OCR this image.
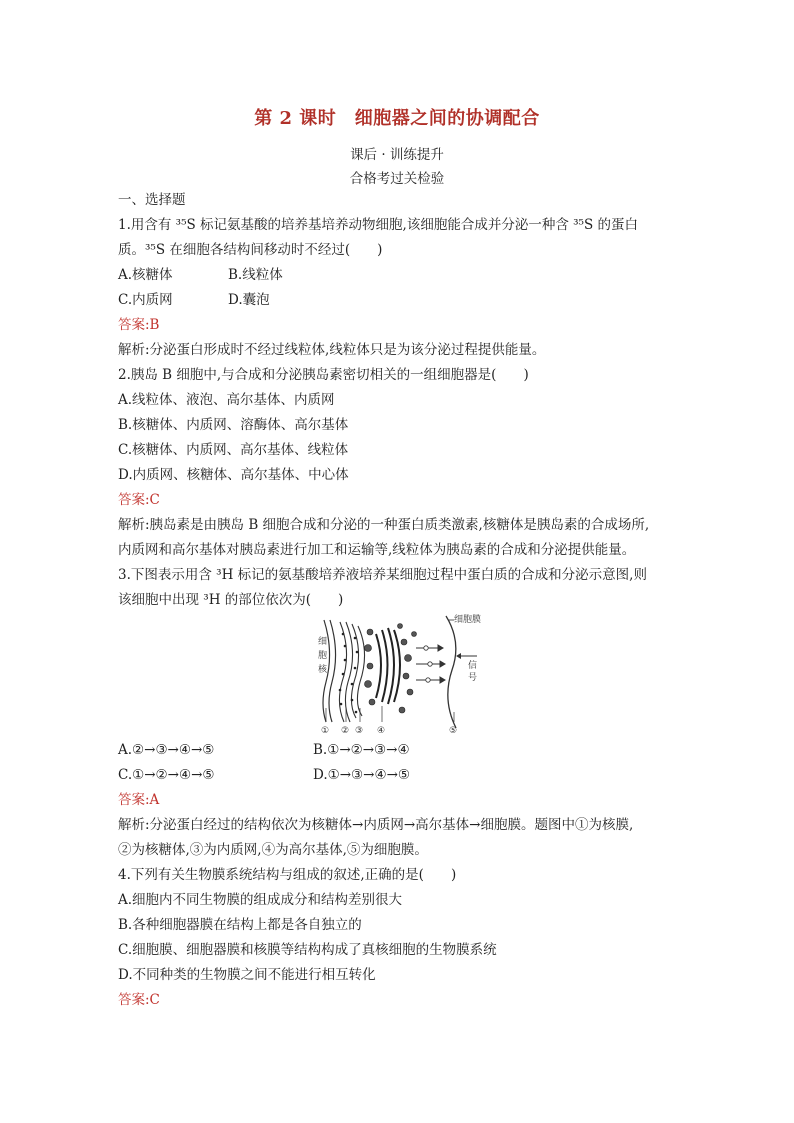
第 2 课时　细胞器之间的协调配合
课后 · 训练提升
合格考过关检验
一、选择题
1.用含有 ³⁵S 标记氨基酸的培养基培养动物细胞,该细胞能合成并分泌一种含 ³⁵S 的蛋白
质。³⁵S 在细胞各结构间移动时不经过(　　)
A.核糖体	B.线粒体
C.内质网	D.囊泡
答案:B
解析:分泌蛋白形成时不经过线粒体,线粒体只是为该分泌过程提供能量。
2.胰岛 B 细胞中,与合成和分泌胰岛素密切相关的一组细胞器是(　　)
A.线粒体、液泡、高尔基体、内质网
B.核糖体、内质网、溶酶体、高尔基体
C.核糖体、内质网、高尔基体、线粒体
D.内质网、核糖体、高尔基体、中心体
答案:C
解析:胰岛素是由胰岛 B 细胞合成和分泌的一种蛋白质类激素,核糖体是胰岛素的合成场所,
内质网和高尔基体对胰岛素进行加工和运输等,线粒体为胰岛素的合成和分泌提供能量。
3.下图表示用含 ³H 标记的氨基酸培养液培养某细胞过程中蛋白质的合成和分泌示意图,则
该细胞中出现 ³H 的部位依次为(　　)
细
胞
核
细胞膜
信
号
① ② ③ ④	⑤
A.②→③→④→⑤	B.①→②→③→④
C.①→②→④→⑤	D.①→③→④→⑤
答案:A
解析:分泌蛋白经过的结构依次为核糖体→内质网→高尔基体→细胞膜。题图中①为核膜,
②为核糖体,③为内质网,④为高尔基体,⑤为细胞膜。
4.下列有关生物膜系统结构与组成的叙述,正确的是(　　)
A.细胞内不同生物膜的组成成分和结构差别很大
B.各种细胞器膜在结构上都是各自独立的
C.细胞膜、细胞器膜和核膜等结构构成了真核细胞的生物膜系统
D.不同种类的生物膜之间不能进行相互转化
答案:C
